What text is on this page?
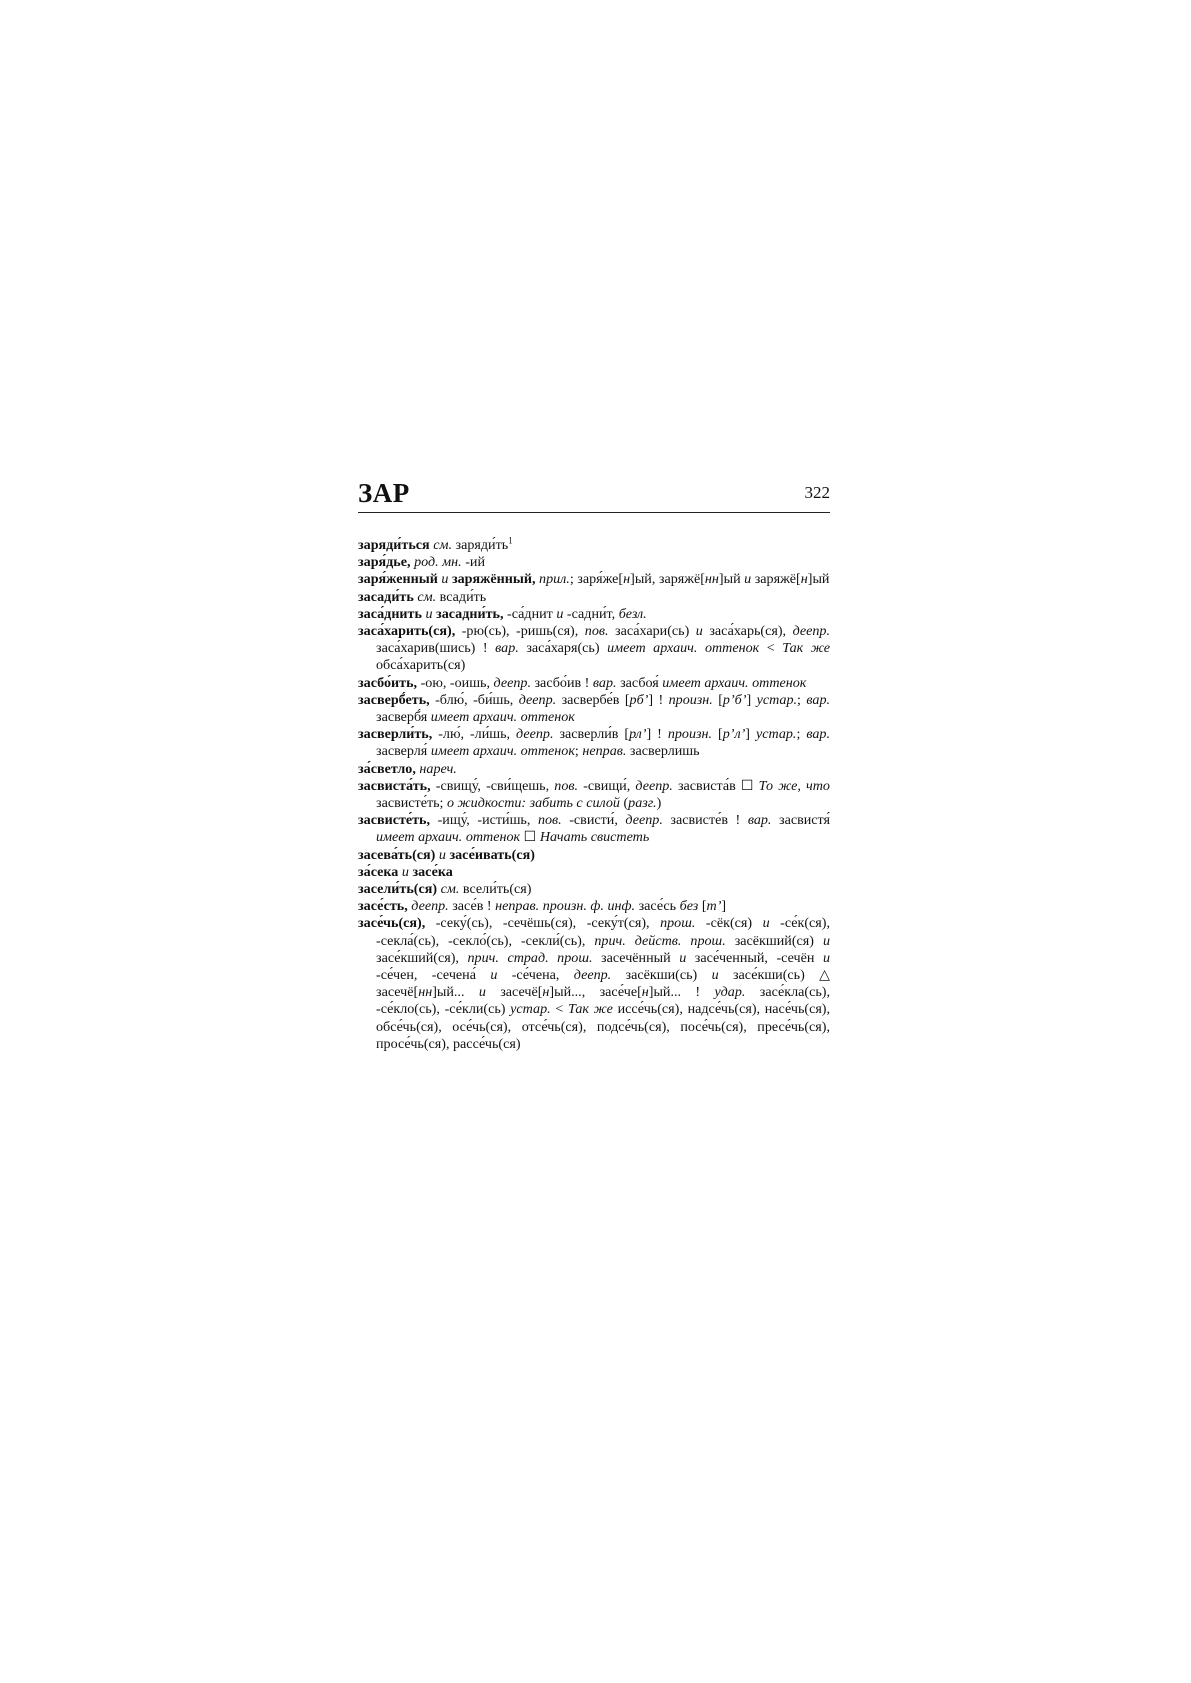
ЗАР	322

заряди́ться см. $заряди́ть^1$

заря́дье, род. мн. -ий

заря́женный и заряжённый, прил.; заря́же[н]ый, заряжё[нн]ый и заряжё[н]ый

засади́ть см. всади́ть

заса́днить и засадни́ть, -са́днит и -садни́т, безл.

заса́харить(ся), -рю(сь), -ришь(ся), пов. заса́хари(сь) и заса́харь(ся), деепр. заса́харив(шись) ! вар. заса́харя(сь) имеет архаич. оттенок < Так же обса́харить(ся)

засбо́ить, -ою, -оишь, деепр. засбо́ив ! вар. засбоя́ имеет архаич. оттенок

засверб́еть, -блю́, -би́шь, деепр. засвербе́в [рб’] ! произн. [р’б’] устар.; вар. засверб́я имеет архаич. оттенок

засверли́ть, -лю́, -ли́шь, деепр. засверли́в [рл’] ! произн. [р’л’] устар.; вар. засверля́ имеет архаич. оттенок; неправ. засверлишь

за́светло, нареч.

засвиста́ть, -свищу́, -сви́щешь, пов. -свищи́, деепр. засвиста́в ☐ То же, что засвисте́ть; о жидкости: забить с силой (разг.)

засвисте́ть, -ищу́, -исти́шь, пов. -свисти́, деепр. засвисте́в ! вар. засвистя́ имеет архаич. оттенок ☐ Начать свистеть

засева́ть(ся) и засе́ивать(ся)

за́сека и засе́ка

засели́ть(ся) см. всели́ть(ся)

засе́сть, деепр. засе́в ! неправ. произн. ф. инф. засе́сь без [т’]

засе́чь(ся), -секу́(сь), -сечёшь(ся), -секу́т(ся), прош. -сёк(ся) и -се́к(ся), -секла́(сь), -секло́(сь), -секли́(сь), прич. действ. прош. засёкший(ся) и засе́кший(ся), прич. страд. прош. засечённый и засе́ченный, -сечён и -се́чен, -сечена́ и -се́чена, деепр. засёкши(сь) и засе́кши(сь) △ засечё[нн]ый... и засечё[н]ый..., засе́че[н]ый... ! удар. засе́кла(сь), -се́кло(сь), -се́кли(сь) устар. < Так же иссе́чь(ся), надсе́чь(ся), насе́чь(ся), обсе́чь(ся), осе́чь(ся), отсе́чь(ся), подсе́чь(ся), посе́чь(ся), пресе́чь(ся), просе́чь(ся), рассе́чь(ся)
